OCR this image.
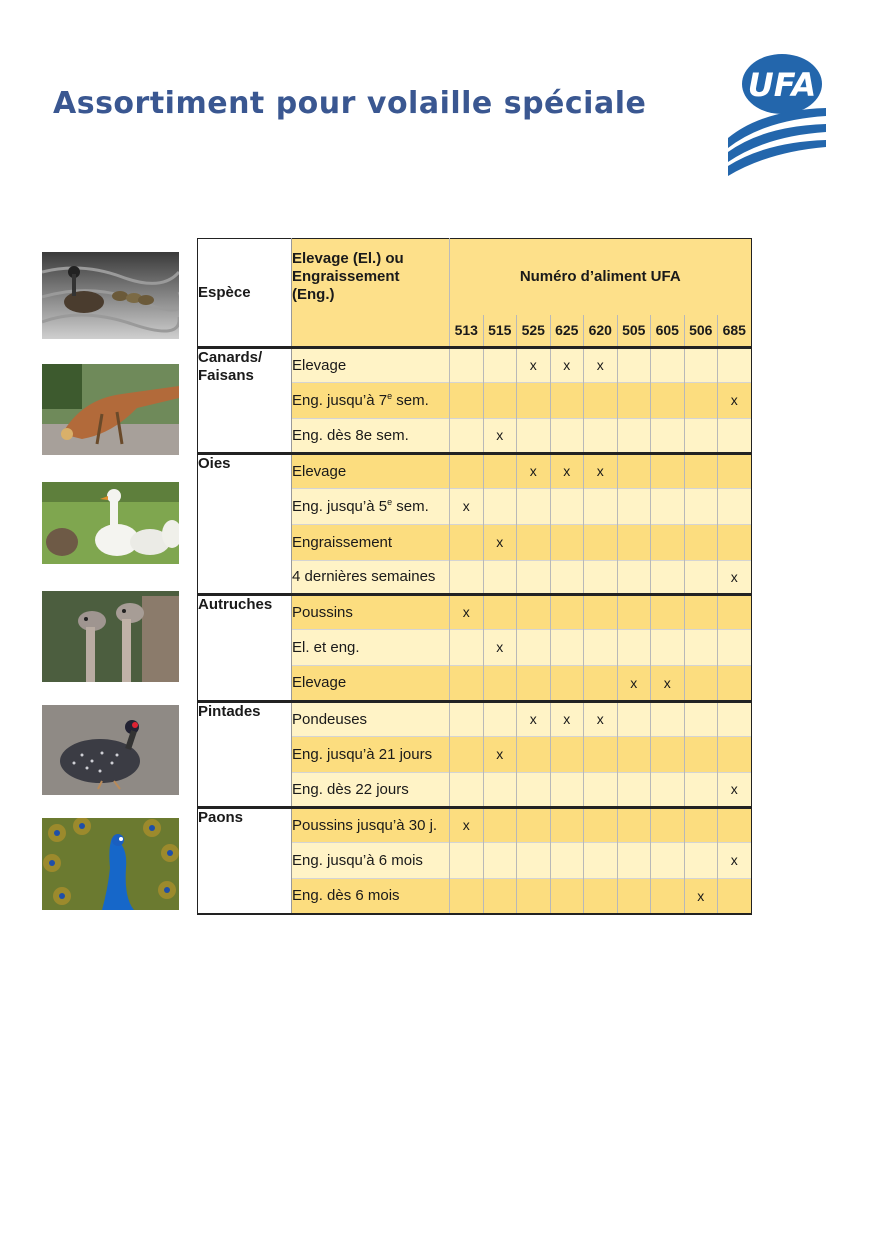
Assortiment pour volaille spéciale	UFA
Espèce	Elevage (El.) ou
Engraissement
(Eng.)	Numéro d’aliment UFA								
		513	515	525	625	620	505	605	506	685
Canards/
Faisans	Elevage			x	x	x				
	Eng. jusqu’à 7e sem.									x
	Eng. dès 8e sem.		x							
Oies	Elevage			x	x	x				
	Eng. jusqu’à 5e sem.	x								
	Engraissement		x							
	4 dernières semaines									x
Autruches	Poussins	x								
	El. et eng.		x							
	Elevage						x	x		
Pintades	Pondeuses			x	x	x				
	Eng. jusqu’à 21 jours		x							
	Eng. dès 22 jours									x
Paons	Poussins jusqu’à 30 j.	x								
	Eng. jusqu’à 6 mois									x
	Eng. dès 6 mois								x	
